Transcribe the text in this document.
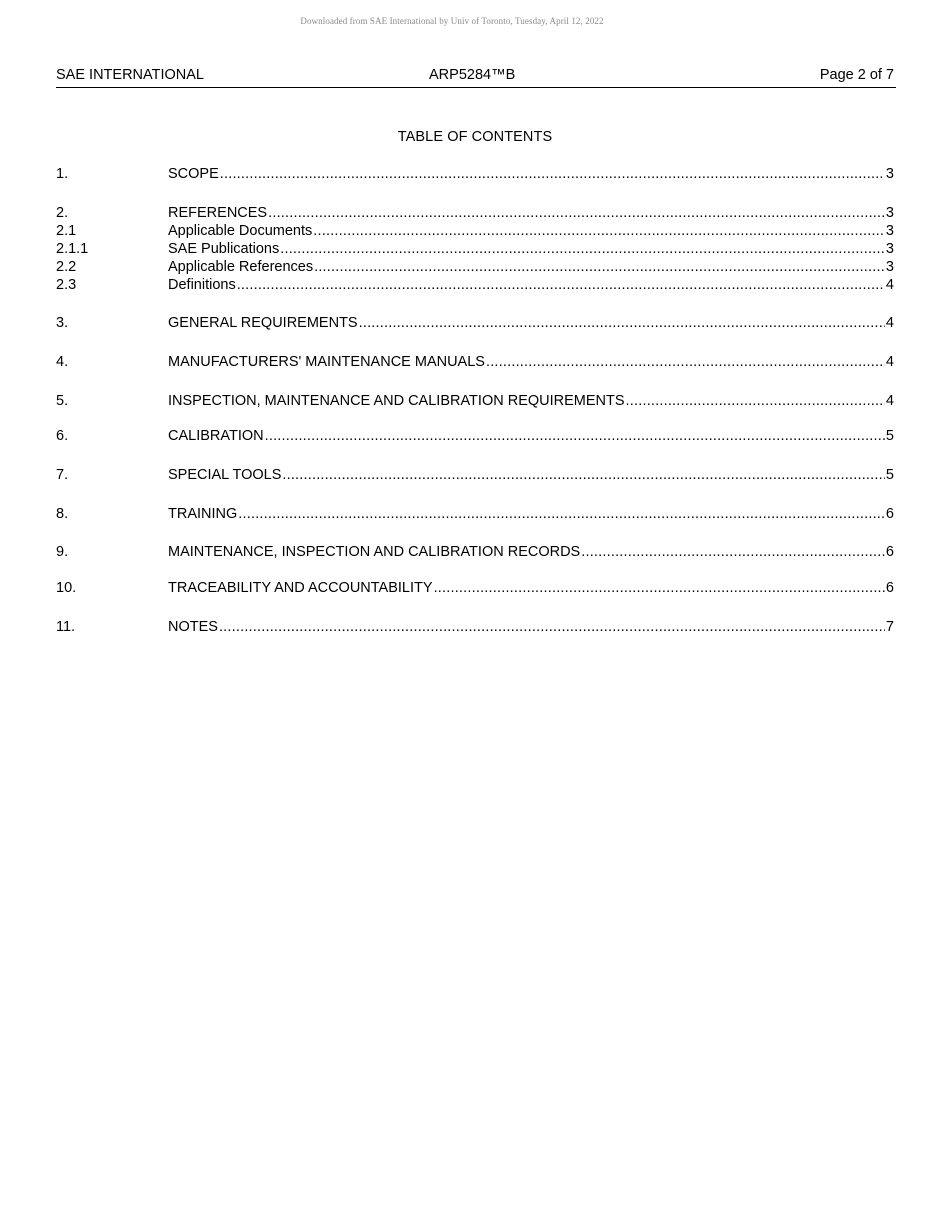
Downloaded from SAE International by Univ of Toronto, Tuesday, April 12, 2022
SAE INTERNATIONAL	ARP5284™B	Page 2 of 7
TABLE OF CONTENTS
1.	SCOPE .....	3
2.	REFERENCES .....	3
2.1	Applicable Documents .....	3
2.1.1	SAE Publications .....	3
2.2	Applicable References .....	3
2.3	Definitions .....	4
3.	GENERAL REQUIREMENTS .....	4
4.	MANUFACTURERS' MAINTENANCE MANUALS .....	4
5.	INSPECTION, MAINTENANCE AND CALIBRATION REQUIREMENTS .....	4
6.	CALIBRATION .....	5
7.	SPECIAL TOOLS .....	5
8.	TRAINING .....	6
9.	MAINTENANCE, INSPECTION AND CALIBRATION RECORDS .....	6
10.	TRACEABILITY AND ACCOUNTABILITY .....	6
11.	NOTES .....	7
